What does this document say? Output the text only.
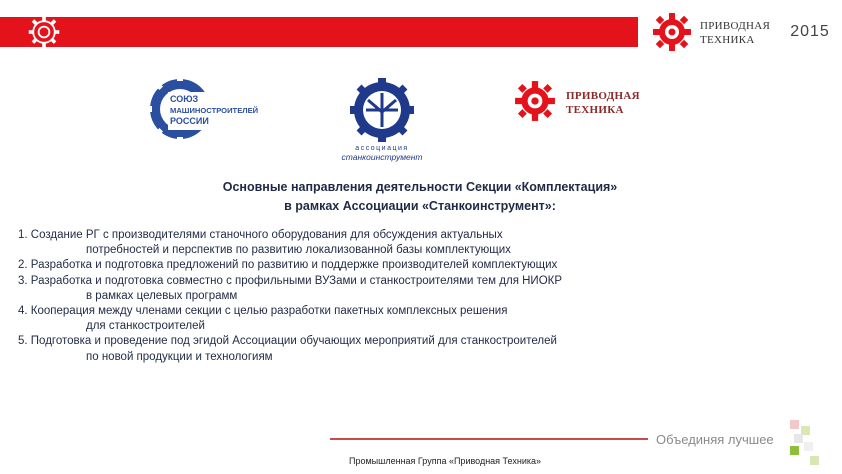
ПРИВОДНАЯ
ТЕХНИКА	2015
СОЮЗ
МАШИНОСТРОИТЕЛЕЙ
РОССИИ
ассоциация
станкоинструмент
ПРИВОДНАЯ
ТЕХНИКА
Основные направления деятельности Секции «Комплектация»
в рамках Ассоциации «Станкоинструмент»:
1. Создание РГ с производителями станочного оборудования для обсуждения актуальных
потребностей и перспектив по развитию локализованной базы комплектующих
2. Разработка и подготовка предложений по развитию и поддержке производителей комплектующих
3. Разработка и подготовка совместно с профильными ВУЗами и станкостроителями тем для НИОКР
в рамках целевых программ
4. Кооперация между членами секции с целью разработки пакетных комплексных решения
для станкостроителей
5. Подготовка и проведение под эгидой Ассоциации обучающих мероприятий для станкостроителей
по новой продукции и технологиям
Объединяя лучшее
Промышленная Группа «Приводная Техника»
